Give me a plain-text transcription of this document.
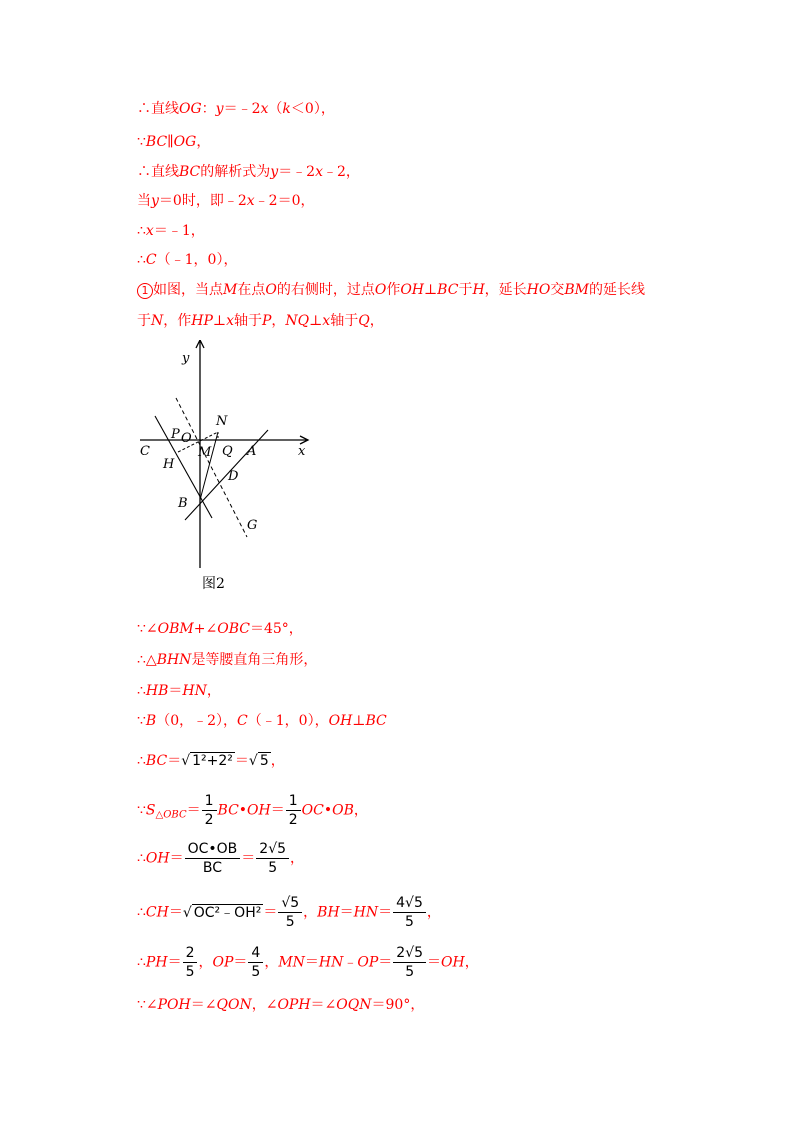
∴直线OG：y＝﹣2x（k＜0），
∵BC∥OG，
∴直线BC的解析式为y＝﹣2x﹣2，
当y＝0时，即﹣2x﹣2＝0，
∴x＝﹣1，
∴C（﹣1，0），
1 如图，当点M在点O的右侧时，过点O作OH⊥BC于H，延长HO交BM的延长线
于N，作HP⊥x轴于P，NQ⊥x轴于Q，
y
x
C
P O
N
M Q A
H
D
B
G
图2
∵∠OBM+∠OBC＝45°，
∴△BHN是等腰直角三角形，
∴HB＝HN，
∵B（0，﹣2），C（﹣1，0），OH⊥BC
∴BC＝√ 1²+2² ＝√ 5 ，
$\because S_{\triangle OBC}= \frac{1}{2}$ BC•OH＝ $\frac{1}{2}$ OC•OB，
∴OH＝ $\frac{OC•OB}{BC} = \frac{2√5}{5}$ ，
∴CH＝√ OC²﹣OH² ＝ $\frac{√5}{5}$ ，$BH=HN= \frac{4√5}{5}$ ，
∴PH＝ $\frac{2}{5}$ ，$OP= \frac{4}{5}$ ，MN＝HN﹣OP＝ $\frac{2√5}{5} =OH$，
∵∠POH＝∠QON，∠OPH＝∠OQN＝90°，
